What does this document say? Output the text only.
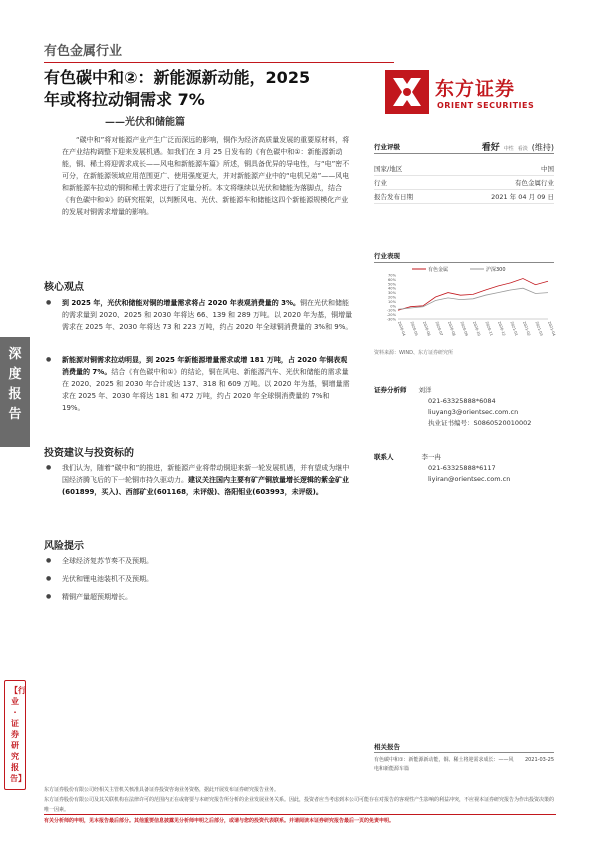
有色金属行业
有色碳中和②：新能源新动能，2025
年或将拉动铜需求 7%
——光伏和储能篇
东方证券
ORIENT SECURITIES
“碳中和”将对能源产业产生广泛而深远的影响，铜作为经济高质量发展的重要原材料，将在产业结构调整下迎来发展机遇。如我们在 3 月 25 日发布的《有色碳中和①：新能源新动能，铜、稀土将迎需求成长——风电和新能源车篇》所述，铜具备优异的导电性，与“电”密不可分，在新能源领域应用范围更广、使用强度更大，并对新能源产业中的“电机兄弟”——风电和新能源车拉动的铜和稀土需求进行了定量分析。本文将继续以光伏和储能为落脚点，结合《有色碳中和①》的研究框架，以判断风电、光伏、新能源车和储能这四个新能源规模化产业的发展对铜需求增量的影响。
核心观点
● 到 2025 年，光伏和储能对铜的增量需求将占 2020 年表观消费量的 3%。铜在光伏和储能的需求量到 2020、2025 和 2030 年将达 66、139 和 289 万吨。以 2020 年为基，铜增量需求在 2025 年、2030 年将达 73 和 223 万吨，约占 2020 年全球铜消费量的 3%和 9%。
● 新能源对铜需求拉动明显，到 2025 年新能源增量需求或增 181 万吨，占 2020 年铜表观消费量的 7%。结合《有色碳中和①》的结论，铜在风电、新能源汽车、光伏和储能的需求量在 2020、2025 和 2030 年合计或达 137、318 和 609 万吨。以 2020 年为基，铜增量需求在 2025 年、2030 年将达 181 和 472 万吨，约占 2020 年全球铜消费量的 7%和 19%。
投资建议与投资标的
● 我们认为，随着“碳中和”的推进，新能源产业将带动铜迎来新一轮发展机遇，并有望成为继中国经济腾飞后的下一轮铜市持久驱动力。建议关注国内主要有矿产铜放量增长逻辑的紫金矿业(601899，买入)、西部矿业(601168，未评级)、洛阳钼业(603993，未评级)。
风险提示
● 全球经济复苏节奏不及预期。
● 光伏和锂电池装机不及预期。
● 精铜产量超预期增长。
行业评级	看好 中性 看淡 (维持)
国家/地区	中国
行业	有色金属行业
报告发布日期	2021 年 04 月 09 日
行业表现
-30%
-20%
-10%
0%
10%
20%
30%
40%
50%
60%
70%
2020-04 2020-05 2020-06 2020-07 2020-08 2020-09 2020-10 2020-11 2020-12 2021-01 2021-02 2021-03 2021-04
有色金属	沪深300
资料来源：WIND、东方证券研究所
证券分析师 刘洋
021-63325888*6084
liuyang3@orientsec.com.cn
执业证书编号：S0860520010002
联系人	李一冉
021-63325888*6117
liyiran@orientsec.com.cn
深度报告
【行业·证券研究报告】
相关报告
有色碳中和①：新能源新动能，铜、稀土将迎需求成长：——风电和新能源车篇
2021-03-25
东方证券股份有限公司经相关主管机关核准具备证券投资咨询业务资格，据此开展发布证券研究报告业务。
东方证券股份有限公司及其关联机构在法律许可的范围内正在或将要与本研究报告所分析的企业发展业务关系。因此，投资者应当考虑到本公司可能存在对报告的客观性产生影响的利益冲突，不应视本证券研究报告为作出投资决策的唯一因素。
有关分析师的申明，见本报告最后部分。其他重要信息披露见分析师申明之后部分，或请与您的投资代表联系。并请阅读本证券研究报告最后一页的免责申明。
